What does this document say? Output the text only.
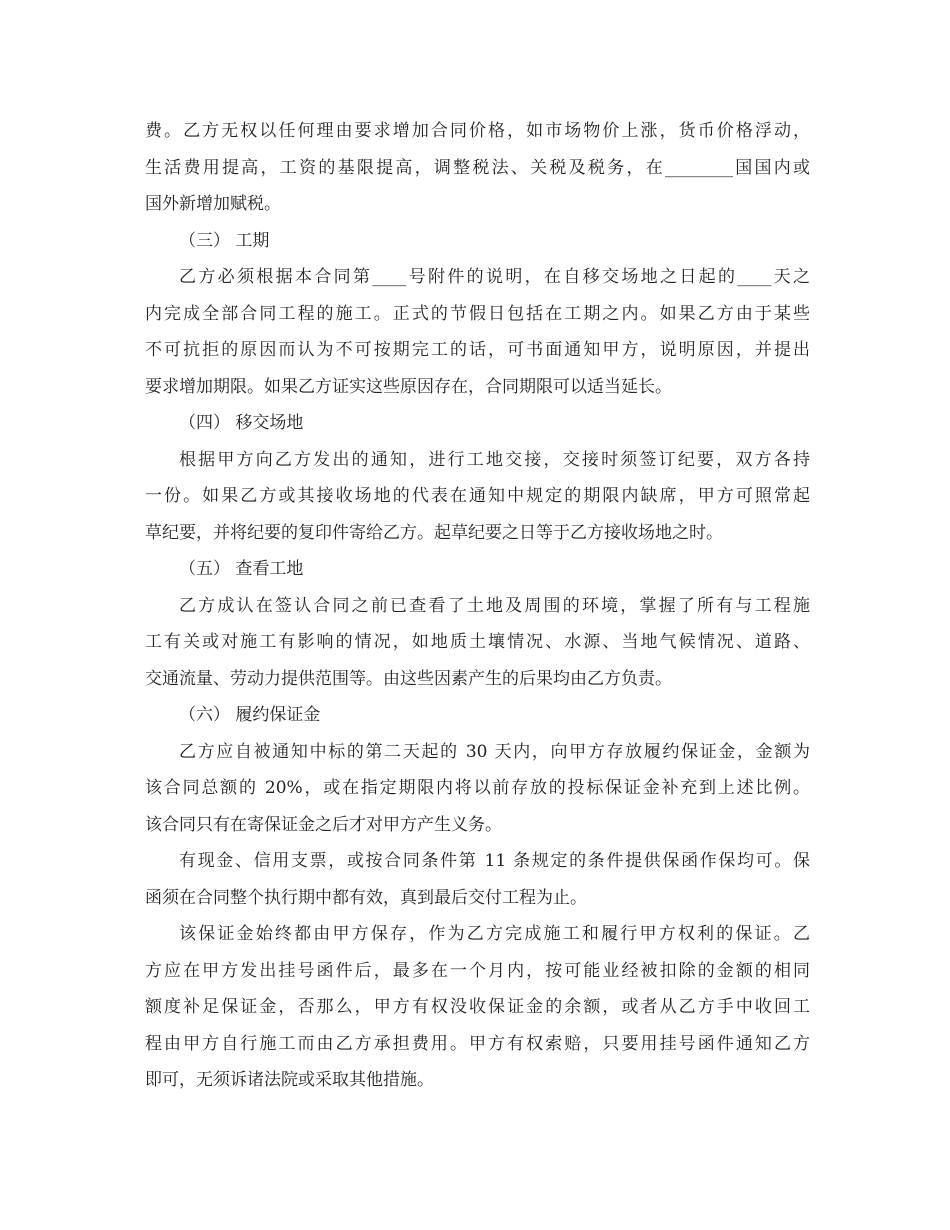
费。乙方无权以任何理由要求增加合同价格，如市场物价上涨，货币价格浮动，

生活费用提高，工资的基限提高，调整税法、关税及税务，在________国国内或

国外新增加赋税。

（三） 工期

乙方必须根据本合同第____号附件的说明，在自移交场地之日起的____天之

内完成全部合同工程的施工。正式的节假日包括在工期之内。如果乙方由于某些

不可抗拒的原因而认为不可按期完工的话，可书面通知甲方，说明原因，并提出

要求增加期限。如果乙方证实这些原因存在，合同期限可以适当延长。

（四） 移交场地

根据甲方向乙方发出的通知，进行工地交接，交接时须签订纪要，双方各持

一份。如果乙方或其接收场地的代表在通知中规定的期限内缺席，甲方可照常起

草纪要，并将纪要的复印件寄给乙方。起草纪要之日等于乙方接收场地之时。

（五） 查看工地

乙方成认在签认合同之前已查看了土地及周围的环境，掌握了所有与工程施

工有关或对施工有影响的情况，如地质土壤情况、水源、当地气候情况、道路、

交通流量、劳动力提供范围等。由这些因素产生的后果均由乙方负责。

（六） 履约保证金

乙方应自被通知中标的第二天起的 30 天内，向甲方存放履约保证金，金额为

该合同总额的 20%，或在指定期限内将以前存放的投标保证金补充到上述比例。

该合同只有在寄保证金之后才对甲方产生义务。

有现金、信用支票，或按合同条件第 11 条规定的条件提供保函作保均可。保

函须在合同整个执行期中都有效，真到最后交付工程为止。

该保证金始终都由甲方保存，作为乙方完成施工和履行甲方权利的保证。乙

方应在甲方发出挂号函件后，最多在一个月内，按可能业经被扣除的金额的相同

额度补足保证金，否那么，甲方有权没收保证金的余额，或者从乙方手中收回工

程由甲方自行施工而由乙方承担费用。甲方有权索赔，只要用挂号函件通知乙方

即可，无须诉诸法院或采取其他措施。
